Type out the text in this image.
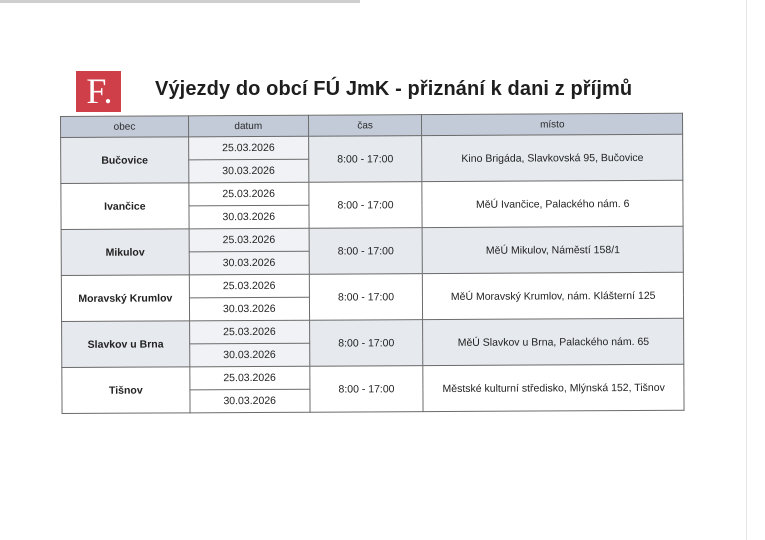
F.	Výjezdy do obcí FÚ JmK - přiznání k dani z příjmů
obec	datum	čas	místo
Bučovice	25.03.2026	8:00 - 17:00	Kino Brigáda, Slavkovská 95, Bučovice
	30.03.2026		
Ivančice	25.03.2026	8:00 - 17:00	MěÚ Ivančice, Palackého nám. 6
	30.03.2026		
Mikulov	25.03.2026	8:00 - 17:00	MěÚ Mikulov, Náměstí 158/1
	30.03.2026		
Moravský Krumlov	25.03.2026	8:00 - 17:00	MěÚ Moravský Krumlov, nám. Klášterní 125
	30.03.2026		
Slavkov u Brna	25.03.2026	8:00 - 17:00	MěÚ Slavkov u Brna, Palackého nám. 65
	30.03.2026		
Tišnov	25.03.2026	8:00 - 17:00	Městské kulturní středisko, Mlýnská 152, Tišnov
	30.03.2026		
